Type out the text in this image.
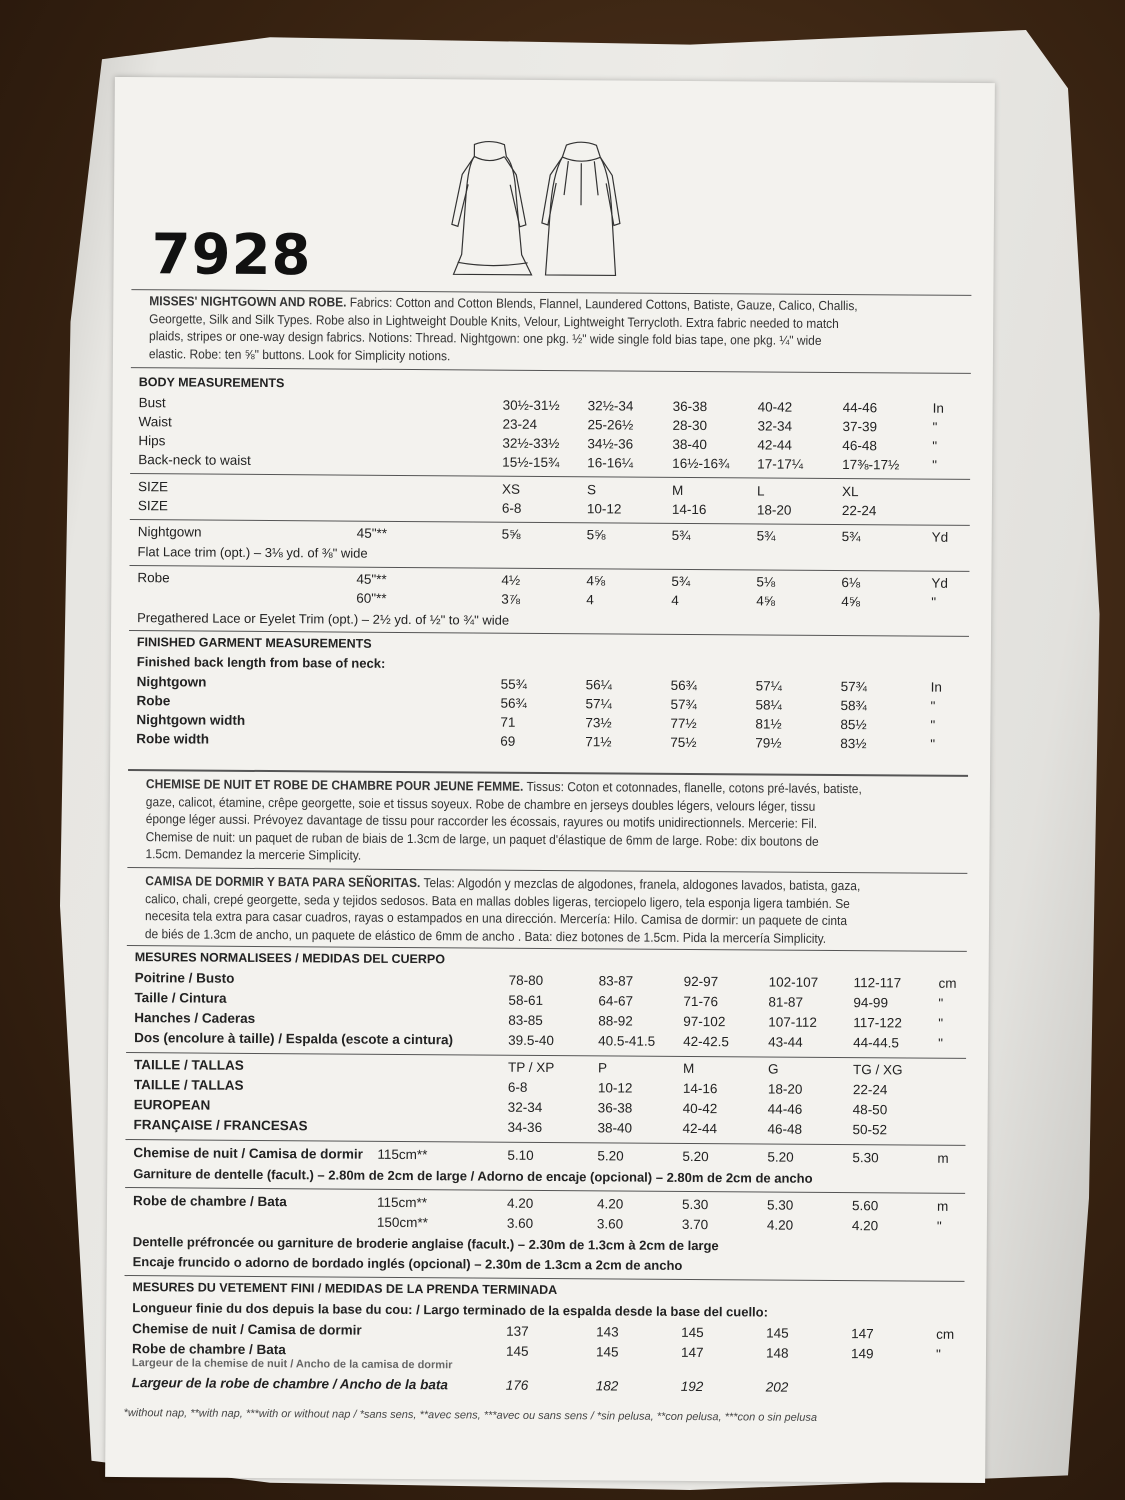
7928
MISSES' NIGHTGOWN AND ROBE. Fabrics: Cotton and Cotton Blends, Flannel, Laundered Cottons, Batiste, Gauze, Calico, Challis,
Georgette, Silk and Silk Types. Robe also in Lightweight Double Knits, Velour, Lightweight Terrycloth. Extra fabric needed to match
plaids, stripes or one-way design fabrics. Notions: Thread. Nightgown: one pkg. ½" wide single fold bias tape, one pkg. ¼" wide
elastic. Robe: ten ⅝" buttons. Look for Simplicity notions.
BODY MEASUREMENTS
Bust	30½-31½ 32½-34	36-38	40-42	44-46	In
Waist	23-24	25-26½	28-30	32-34	37-39	"
Hips	32½-33½ 34½-36	38-40	42-44	46-48	"
Back-neck to waist	15½-15¾ 16-16¼	16½-16¾ 17-17¼	17⅜-17½ "
SIZE	XS	S	M	L	XL
SIZE	6-8	10-12	14-16	18-20	22-24
Nightgown	45"**	5⅝	5⅝	5¾	5¾	5¾	Yd
Flat Lace trim (opt.) – 3⅛ yd. of ⅜" wide
Robe	45"**	4½	4⅝	5¾	5⅛	6⅛	Yd
60"**	3⅞	4	4	4⅝	4⅝	"
Pregathered Lace or Eyelet Trim (opt.) – 2½ yd. of ½" to ¾" wide
FINISHED GARMENT MEASUREMENTS
Finished back length from base of neck:
Nightgown	55¾	56¼	56¾	57¼	57¾	In
Robe	56¾	57¼	57¾	58¼	58¾	"
Nightgown width	71	73½	77½	81½	85½	"
Robe width	69	71½	75½	79½	83½	"
CHEMISE DE NUIT ET ROBE DE CHAMBRE POUR JEUNE FEMME. Tissus: Coton et cotonnades, flanelle, cotons pré-lavés, batiste,
gaze, calicot, étamine, crêpe georgette, soie et tissus soyeux. Robe de chambre en jerseys doubles légers, velours léger, tissu
éponge léger aussi. Prévoyez davantage de tissu pour raccorder les écossais, rayures ou motifs unidirectionnels. Mercerie: Fil.
Chemise de nuit: un paquet de ruban de biais de 1.3cm de large, un paquet d'élastique de 6mm de large. Robe: dix boutons de
1.5cm. Demandez la mercerie Simplicity.
CAMISA DE DORMIR Y BATA PARA SEÑORITAS. Telas: Algodón y mezclas de algodones, franela, aldogones lavados, batista, gaza,
calico, chali, crepé georgette, seda y tejidos sedosos. Bata en mallas dobles ligeras, terciopelo ligero, tela esponja ligera también. Se
necesita tela extra para casar cuadros, rayas o estampados en una dirección. Mercería: Hilo. Camisa de dormir: un paquete de cinta
de biés de 1.3cm de ancho, un paquete de elástico de 6mm de ancho . Bata: diez botones de 1.5cm. Pida la mercería Simplicity.
MESURES NORMALISEES / MEDIDAS DEL CUERPO
Poitrine / Busto	78-80	83-87	92-97	102-107	112-117	cm
Taille / Cintura	58-61	64-67	71-76	81-87	94-99	"
Hanches / Caderas	83-85	88-92	97-102	107-112	117-122	"
Dos (encolure à taille) / Espalda (escote a cintura)	39.5-40	40.5-41.5 42-42.5	43-44	44-44.5	"
TAILLE / TALLAS	TP / XP	P	M	G	TG / XG
TAILLE / TALLAS	6-8	10-12	14-16	18-20	22-24
EUROPEAN	32-34	36-38	40-42	44-46	48-50
FRANÇAISE / FRANCESAS	34-36	38-40	42-44	46-48	50-52
Chemise de nuit / Camisa de dormir 115cm**	5.10	5.20	5.20	5.20	5.30	m
Garniture de dentelle (facult.) – 2.80m de 2cm de large / Adorno de encaje (opcional) – 2.80m de 2cm de ancho
Robe de chambre / Bata	115cm**	4.20	4.20	5.30	5.30	5.60	m
150cm**	3.60	3.60	3.70	4.20	4.20	"
Dentelle préfroncée ou garniture de broderie anglaise (facult.) – 2.30m de 1.3cm à 2cm de large
Encaje fruncido o adorno de bordado inglés (opcional) – 2.30m de 1.3cm a 2cm de ancho
MESURES DU VETEMENT FINI / MEDIDAS DE LA PRENDA TERMINADA
Longueur finie du dos depuis la base du cou: / Largo terminado de la espalda desde la base del cuello:
Chemise de nuit / Camisa de dormir	137	143	145	145	147	cm
Robe de chambre / Bata	145	145	147	148	149	"
Largeur de la chemise de nuit / Ancho de la camisa de dormir
Largeur de la robe de chambre / Ancho de la bata	176	182	192	202
*without nap, **with nap, ***with or without nap / *sans sens, **avec sens, ***avec ou sans sens / *sin pelusa, **con pelusa, ***con o sin pelusa
